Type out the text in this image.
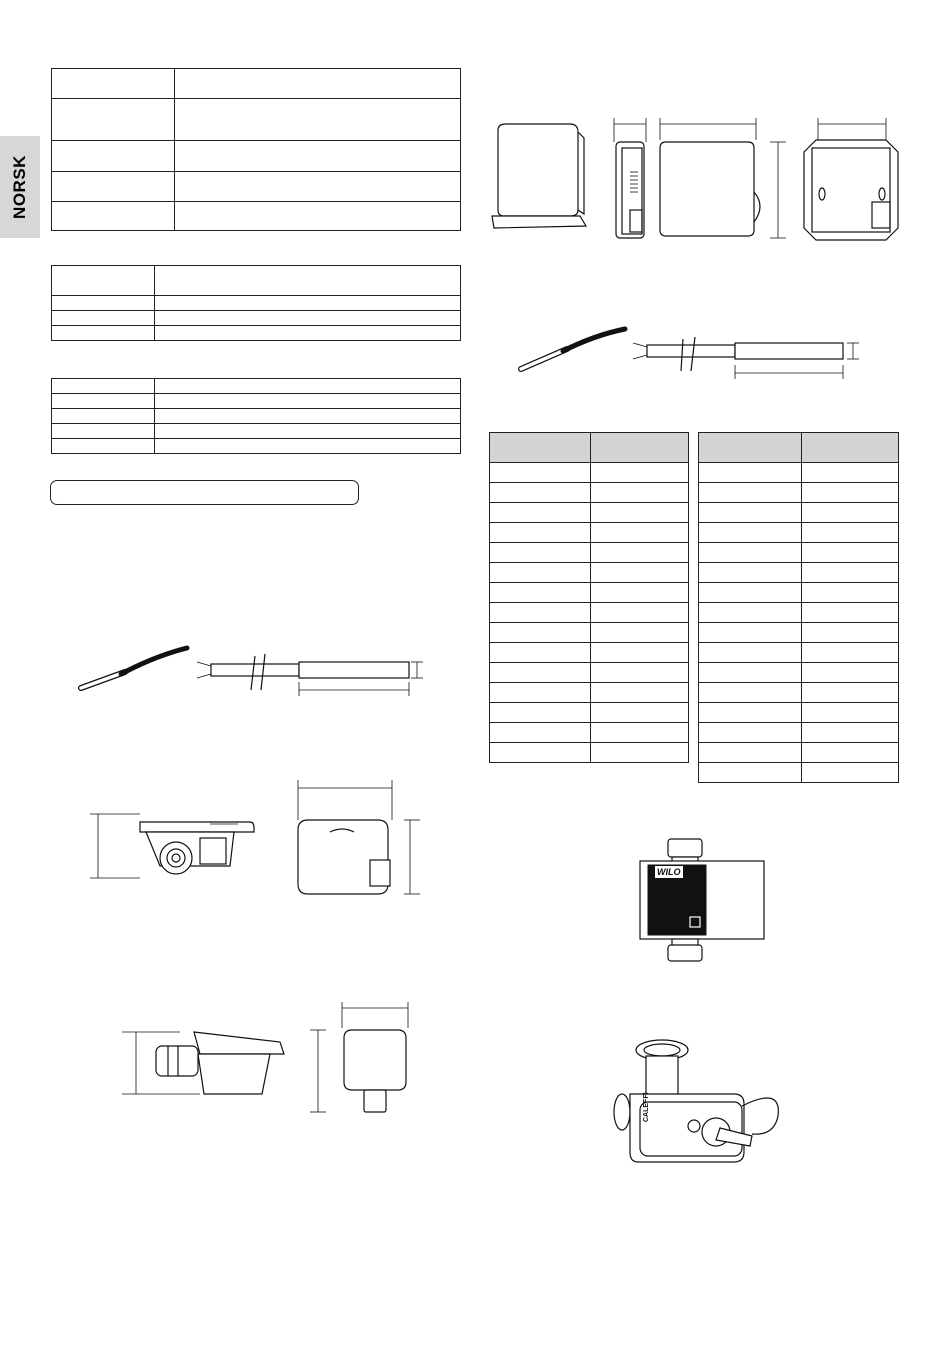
NORSK

WILO
CALEFFI
